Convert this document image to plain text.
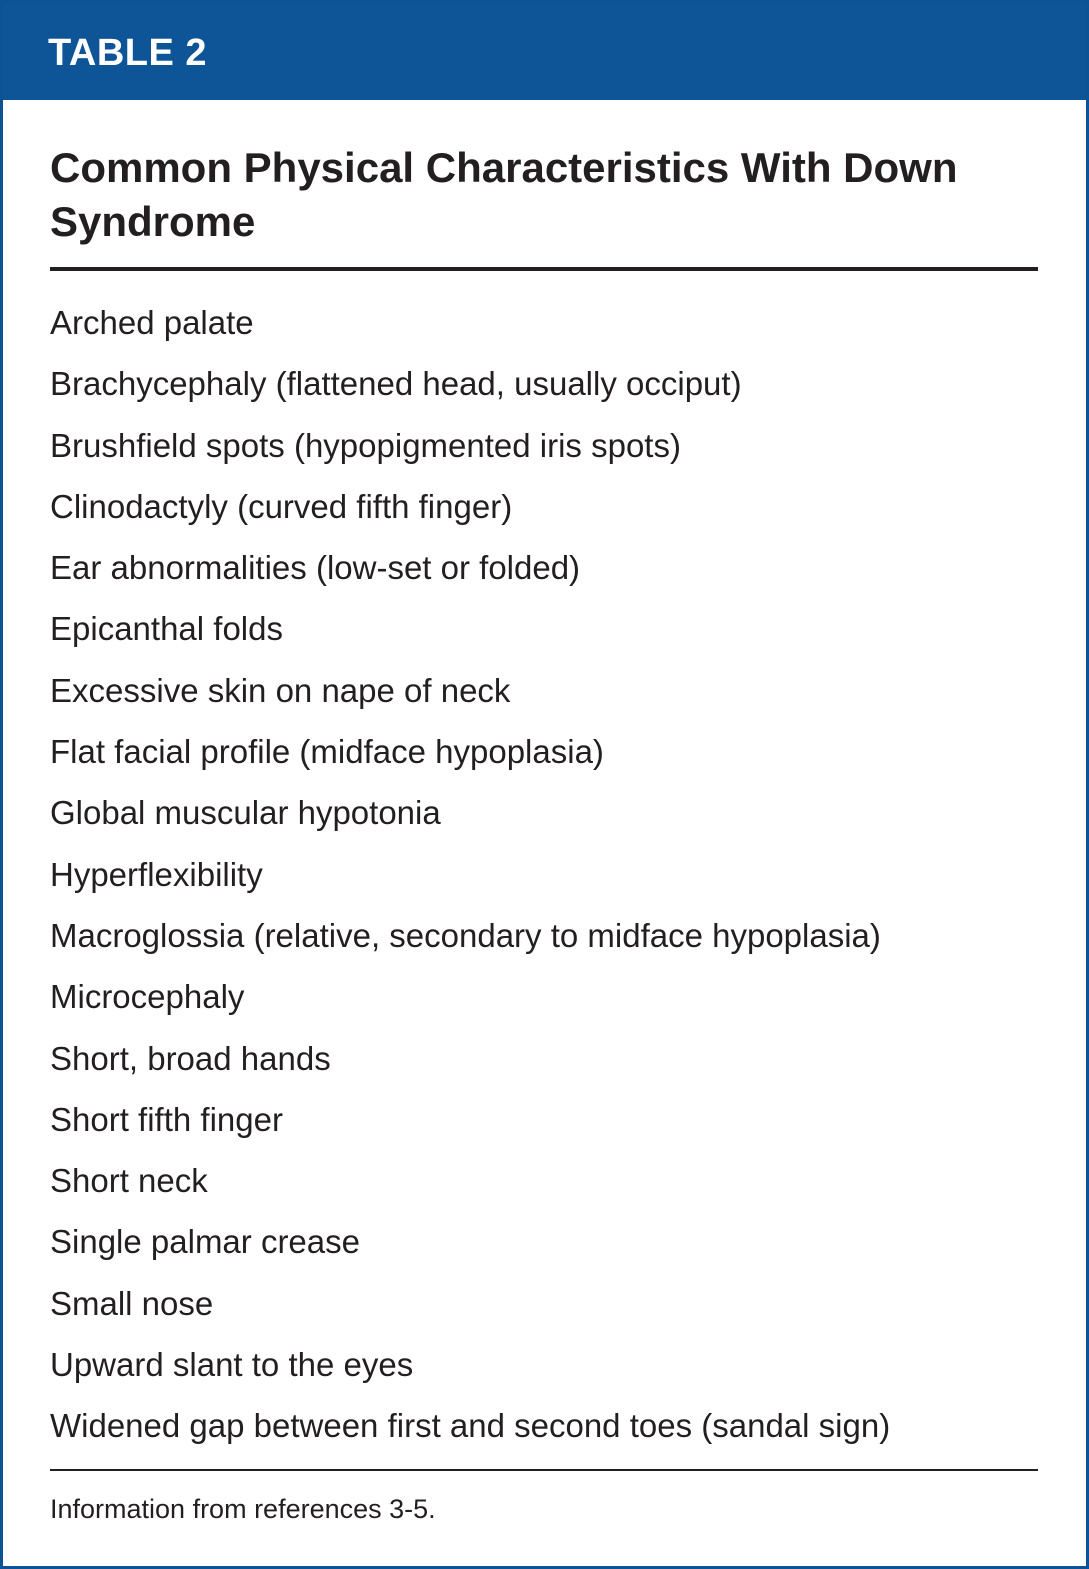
TABLE 2
Common Physical Characteristics With Down Syndrome
Arched palate
Brachycephaly (flattened head, usually occiput)
Brushfield spots (hypopigmented iris spots)
Clinodactyly (curved fifth finger)
Ear abnormalities (low-set or folded)
Epicanthal folds
Excessive skin on nape of neck
Flat facial profile (midface hypoplasia)
Global muscular hypotonia
Hyperflexibility
Macroglossia (relative, secondary to midface hypoplasia)
Microcephaly
Short, broad hands
Short fifth finger
Short neck
Single palmar crease
Small nose
Upward slant to the eyes
Widened gap between first and second toes (sandal sign)
Information from references 3-5.
